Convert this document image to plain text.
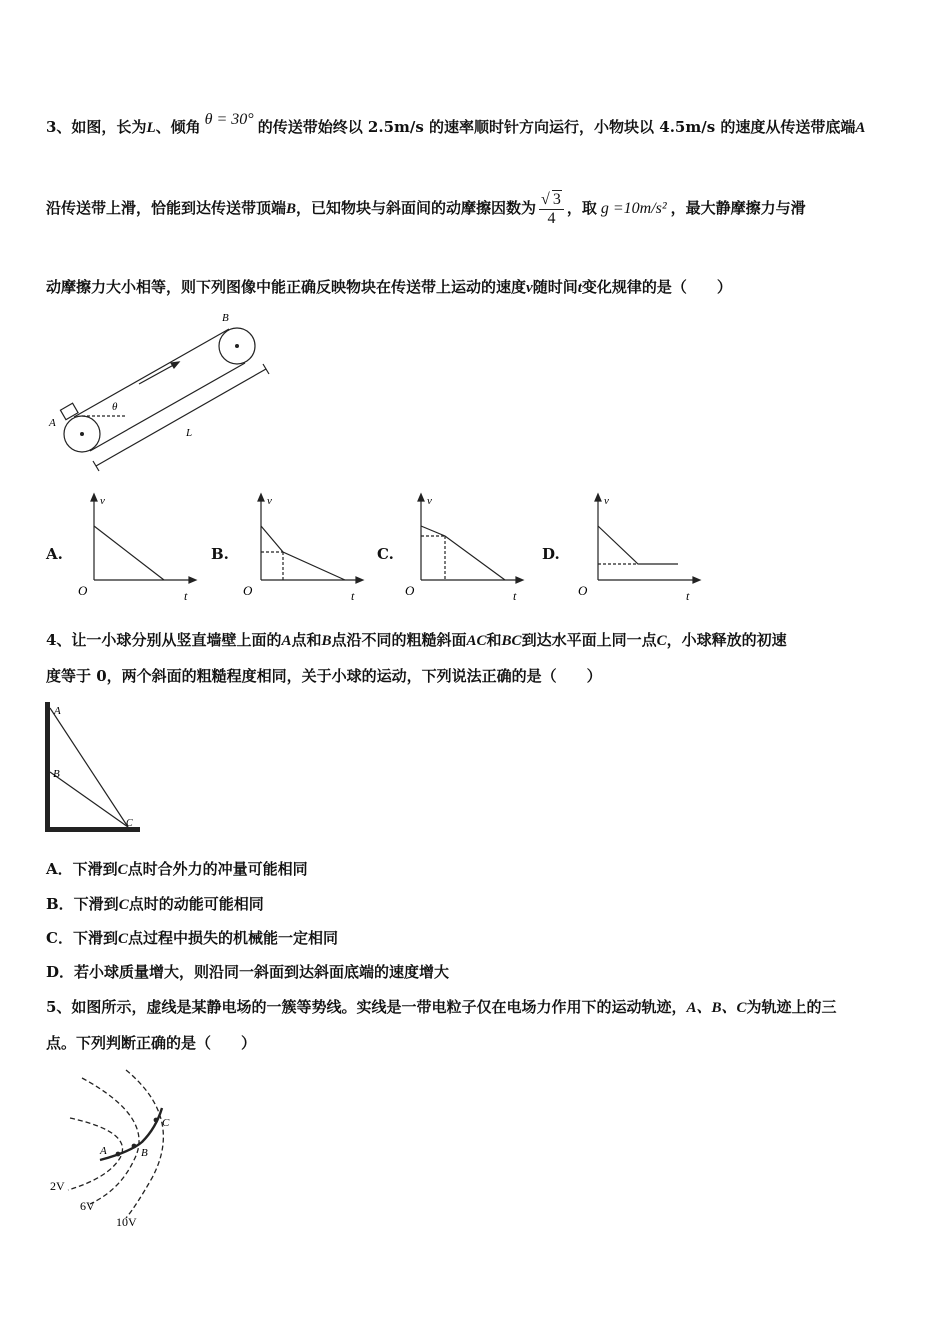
3、如图，长为L、倾角 θ = 30° 的传送带始终以 2.5m/s 的速率顺时针方向运行，小物块以 4.5m/s 的速度从传送带底端A
沿传送带上滑，恰能到达传送带顶端B，已知物块与斜面间的动摩擦因数为 $\frac{√ 3}{4}$ ，取 g =10m/s² ，最大静摩擦力与滑
动摩擦力大小相等，则下列图像中能正确反映物块在传送带上运动的速度v随时间t变化规律的是（　　）
A
B
θ
L
A.	B.	C.	D.
v
O	t
v
O	t
v
O	t
v
O	t
4、让一小球分别从竖直墙壁上面的A点和B点沿不同的粗糙斜面AC和BC到达水平面上同一点C，小球释放的初速
度等于 0，两个斜面的粗糙程度相同，关于小球的运动，下列说法正确的是（　　）
A
B
C
A．下滑到C点时合外力的冲量可能相同
B．下滑到C点时的动能可能相同
C．下滑到C点过程中损失的机械能一定相同
D．若小球质量增大，则沿同一斜面到达斜面底端的速度增大
5、如图所示，虚线是某静电场的一簇等势线。实线是一带电粒子仅在电场力作用下的运动轨迹，A、B、C为轨迹上的三
点。下列判断正确的是（　　）
A	B
C
2V
6V
10V
